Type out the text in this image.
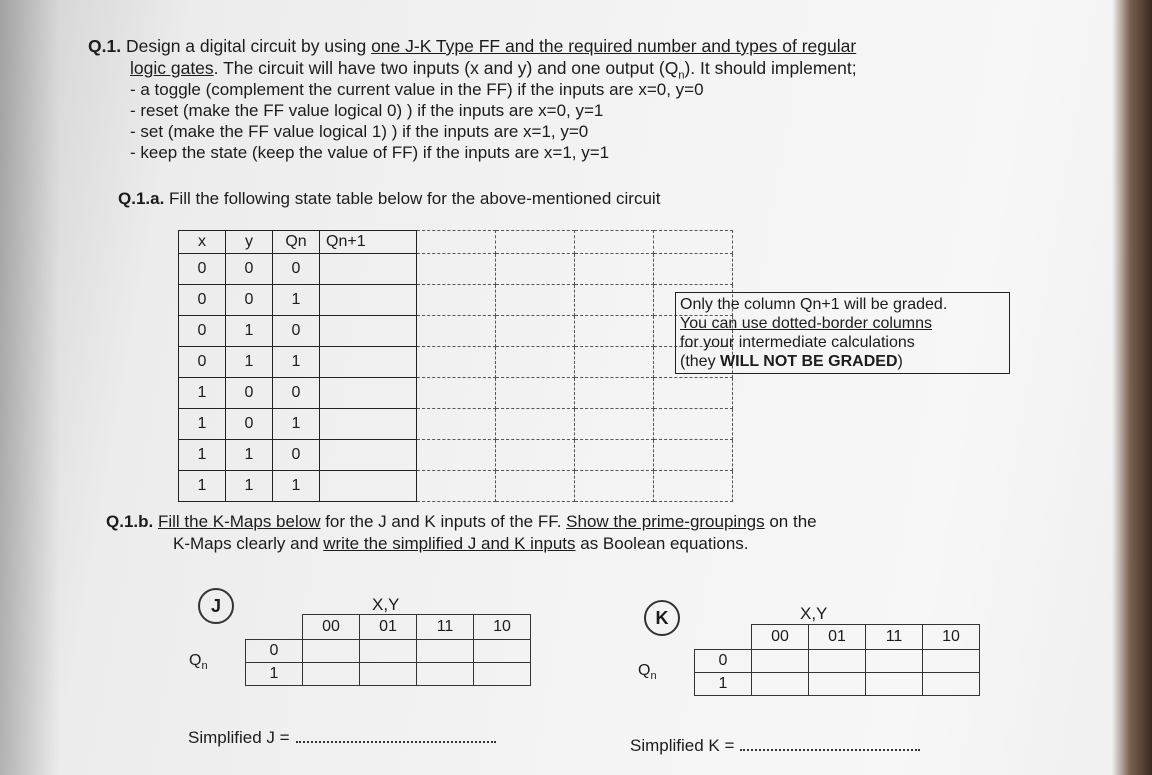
Q.1. Design a digital circuit by using one J-K Type FF and the required number and types of regular
logic gates. The circuit will have two inputs (x and y) and one output $(Q_n)$. It should implement;
- a toggle (complement the current value in the FF) if the inputs are x=0, y=0
- reset (make the FF value logical 0) ) if the inputs are x=0, y=1
- set (make the FF value logical 1) ) if the inputs are x=1, y=0
- keep the state (keep the value of FF) if the inputs are x=1, y=1
Q.1.a. Fill the following state table below for the above-mentioned circuit
x	y	Qn	Qn+1				
0	0	0					
0	0	1					
0	1	0					
0	1	1					
1	0	0					
1	0	1					
1	1	0					
1	1	1					
Only the column Qn+1 will be graded.
You can use dotted-border columns
for your intermediate calculations
(they WILL NOT BE GRADED)
Q.1.b. Fill the K-Maps below for the J and K inputs of the FF. Show the prime-groupings on the
K-Maps clearly and write the simplified J and K inputs as Boolean equations.
J	X,Y
		00	01	11	10
$Q_n$	0				
	1				
Simplified J =
K	X,Y
		00	01	11	10
$Q_n$	0				
	1				
Simplified K =
